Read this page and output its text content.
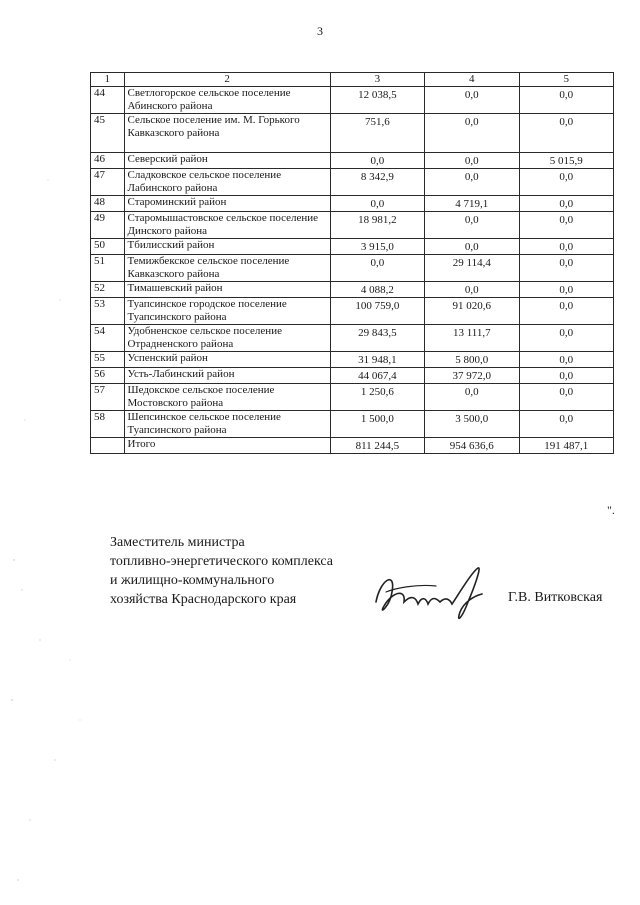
3
1	2	3	4	5
44	Светлогорское сельское поселение Абинского района	12 038,5	0,0	0,0
45	Сельское поселение им. М. Горького Кавказского района	751,6	0,0	0,0
46	Северский район	0,0	0,0	5 015,9
47	Сладковское сельское поселение Лабинского района	8 342,9	0,0	0,0
48	Староминский район	0,0	4 719,1	0,0
49	Старомышастовское сельское поселение Динского района	18 981,2	0,0	0,0
50	Тбилисский район	3 915,0	0,0	0,0
51	Темижбекское сельское поселение Кавказского района	0,0	29 114,4	0,0
52	Тимашевский район	4 088,2	0,0	0,0
53	Туапсинское городское поселение Туапсинского района	100 759,0	91 020,6	0,0
54	Удобненское сельское поселение Отрадненского района	29 843,5	13 111,7	0,0
55	Успенский район	31 948,1	5 800,0	0,0
56	Усть-Лабинский район	44 067,4	37 972,0	0,0
57	Шедокское сельское поселение Мостовского района	1 250,6	0,0	0,0
58	Шепсинское сельское поселение Туапсинского района	1 500,0	3 500,0	0,0
	Итого	811 244,5	954 636,6	191 487,1
".
Заместитель министра
топливно-энергетического комплекса
и жилищно-коммунального
хозяйства Краснодарского края	Г.В. Витковская
